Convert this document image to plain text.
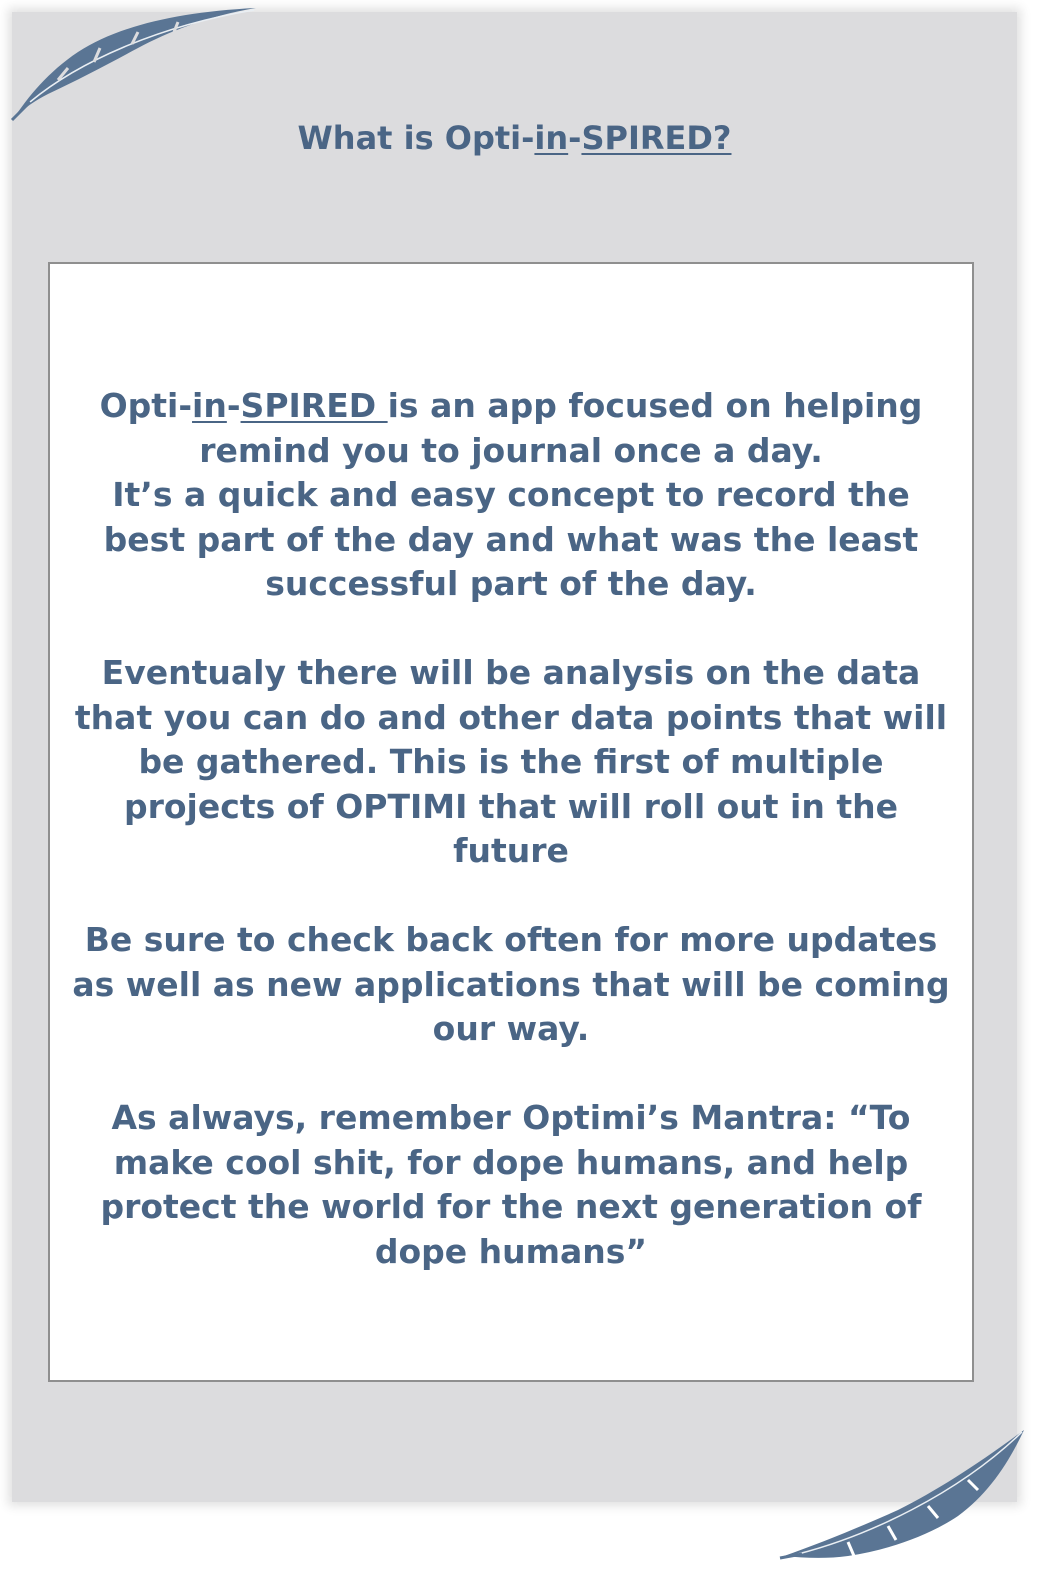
What is Opti-in-SPIRED?
Opti-in-SPIRED is an app focused on helping remind you to journal once a day.
It’s a quick and easy concept to record the best part of the day and what was the least successful part of the day.
Eventualy there will be analysis on the data that you can do and other data points that will be gathered. This is the first of multiple projects of OPTIMI that will roll out in the future
Be sure to check back often for more updates as well as new applications that will be coming our way.
As always, remember Optimi’s Mantra: “To make cool shit, for dope humans, and help protect the world for the next generation of dope humans”
